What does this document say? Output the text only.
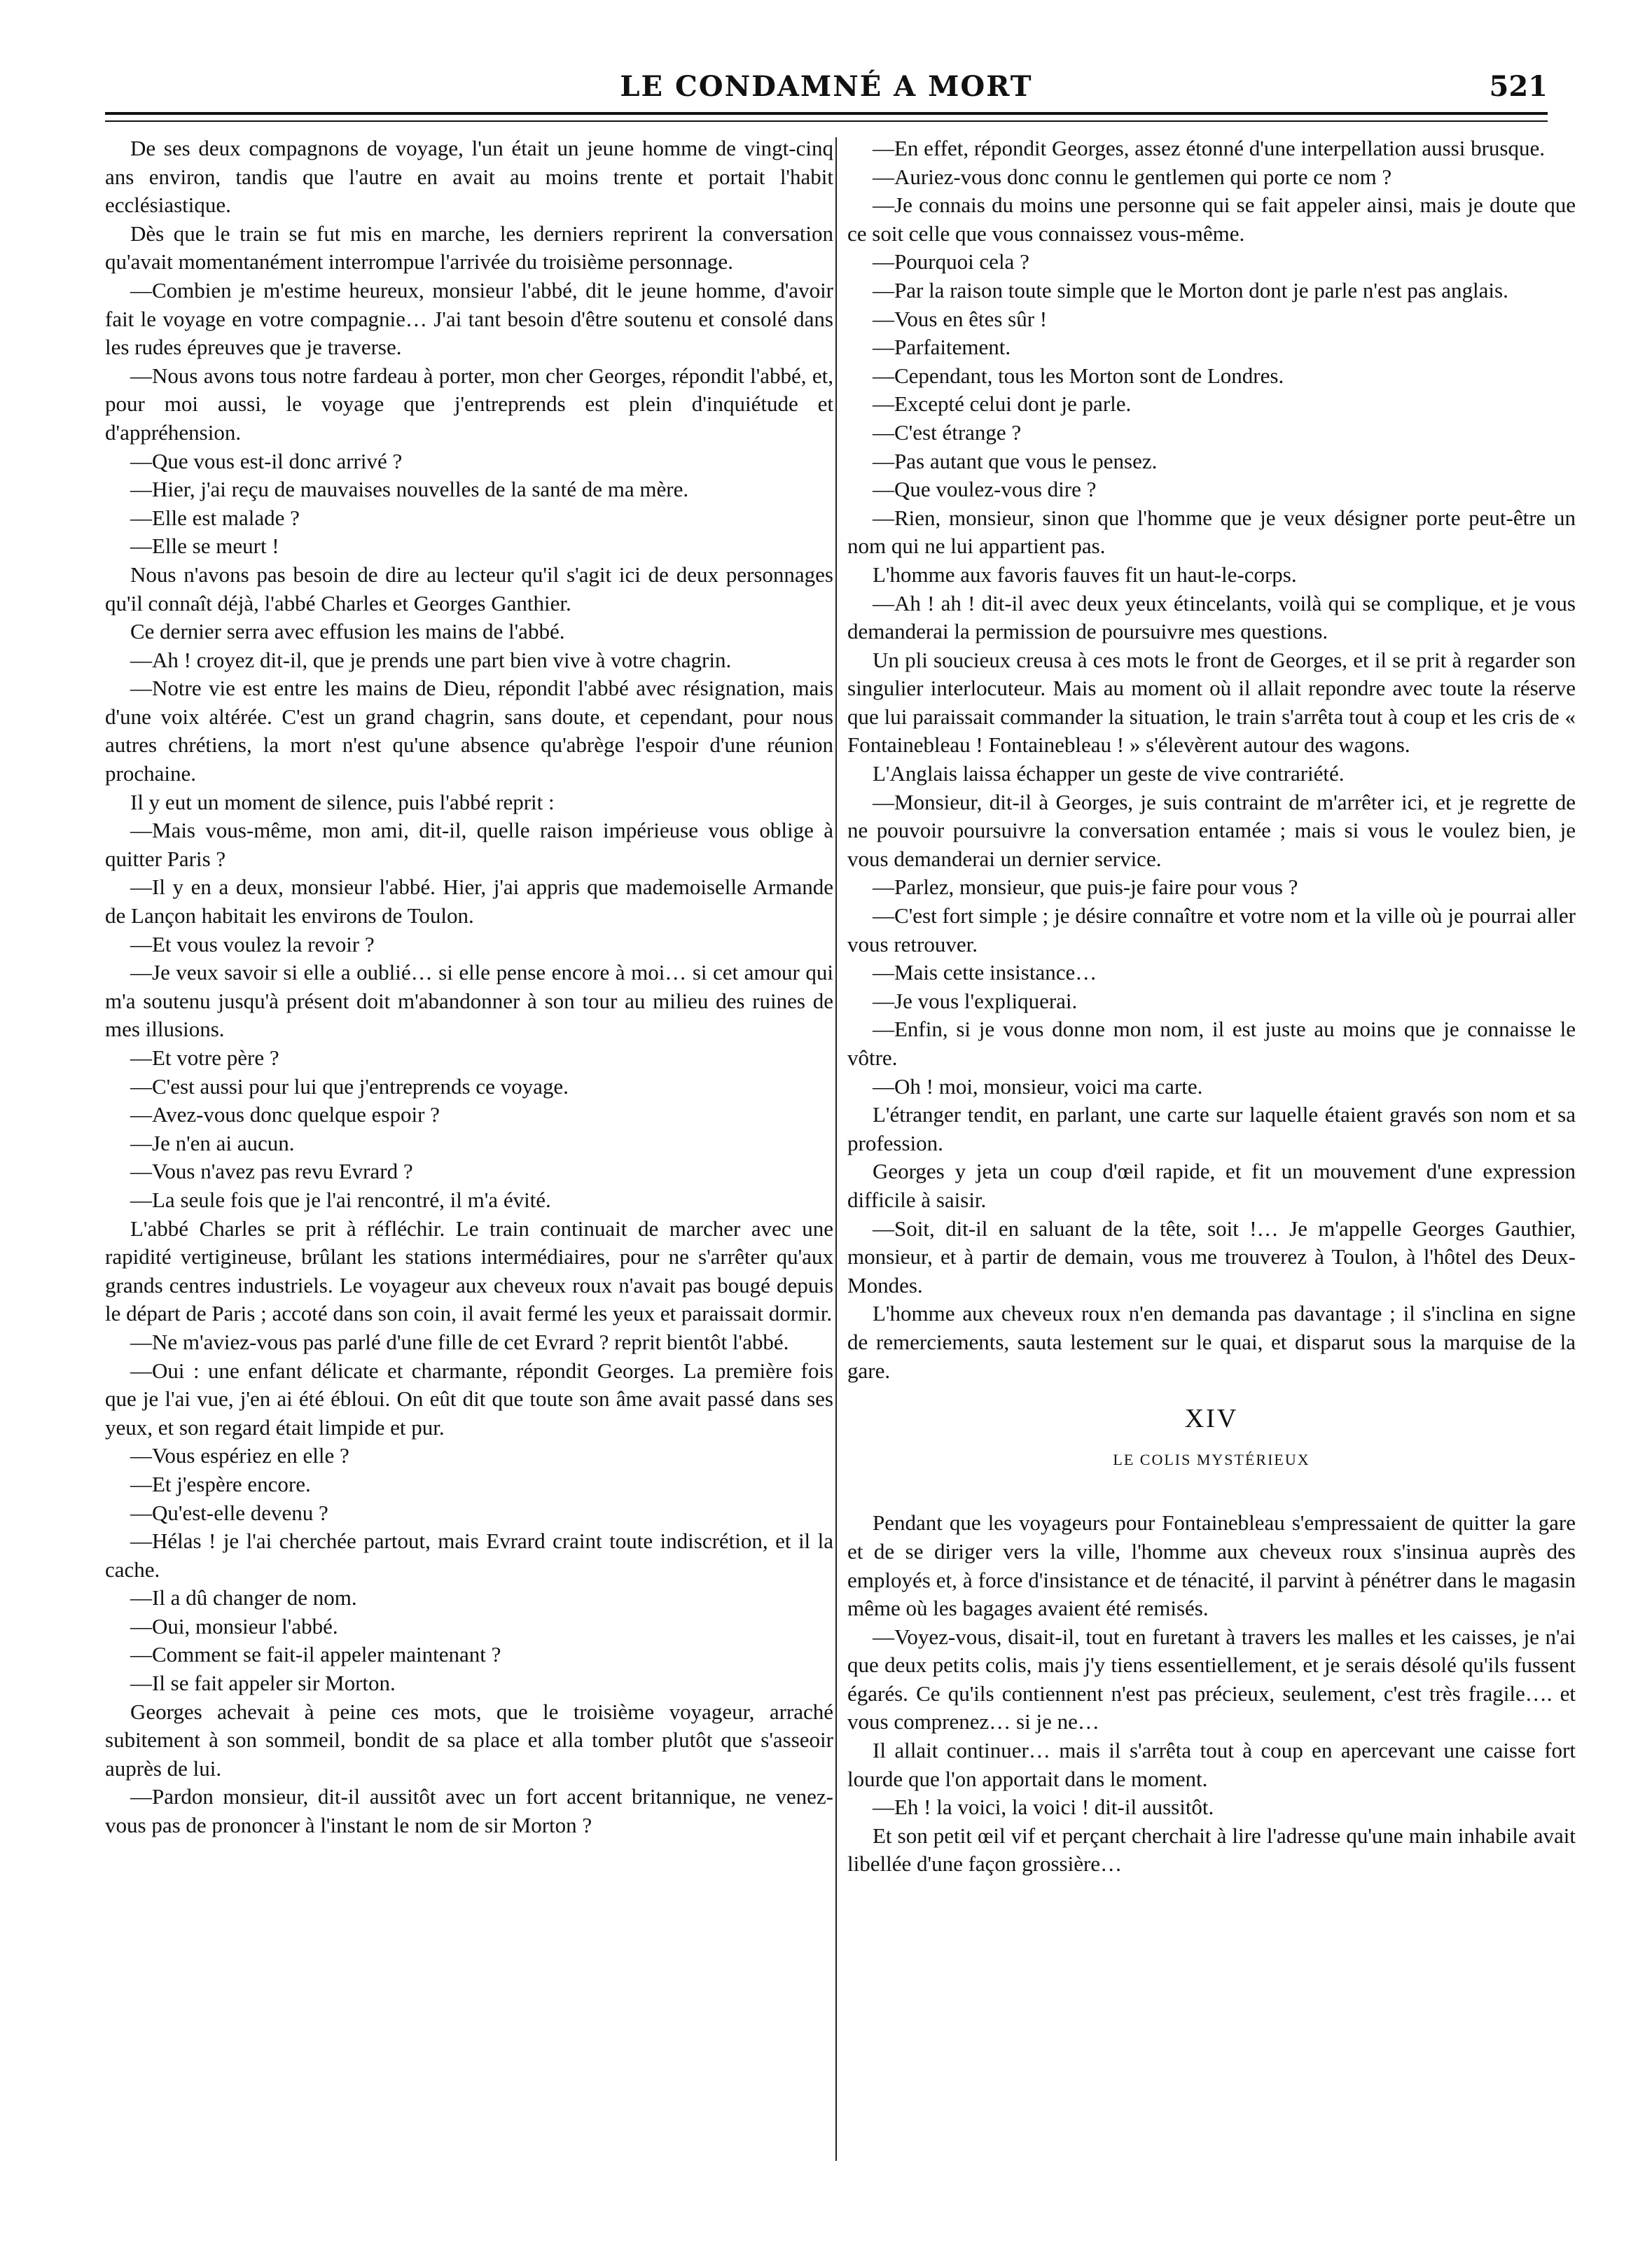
LE CONDAMNÉ A MORT	521

De ses deux compagnons de voyage, l'un était un jeune homme de vingt-cinq ans environ, tandis que l'autre en avait au moins trente et portait l'habit ecclésiastique.

Dès que le train se fut mis en marche, les derniers reprirent la conversation qu'avait momentanément interrompue l'arrivée du troisième personnage.

—Combien je m'estime heureux, monsieur l'abbé, dit le jeune homme, d'avoir fait le voyage en votre compagnie… J'ai tant besoin d'être soutenu et consolé dans les rudes épreuves que je traverse.

—Nous avons tous notre fardeau à porter, mon cher Georges, répondit l'abbé, et, pour moi aussi, le voyage que j'entreprends est plein d'inquiétude et d'appréhension.

—Que vous est-il donc arrivé ?

—Hier, j'ai reçu de mauvaises nouvelles de la santé de ma mère.

—Elle est malade ?

—Elle se meurt !

Nous n'avons pas besoin de dire au lecteur qu'il s'agit ici de deux personnages qu'il connaît déjà, l'abbé Charles et Georges Ganthier.

Ce dernier serra avec effusion les mains de l'abbé.

—Ah ! croyez dit-il, que je prends une part bien vive à votre chagrin.

—Notre vie est entre les mains de Dieu, répondit l'abbé avec résignation, mais d'une voix altérée. C'est un grand chagrin, sans doute, et cependant, pour nous autres chrétiens, la mort n'est qu'une absence qu'abrège l'espoir d'une réunion prochaine.

Il y eut un moment de silence, puis l'abbé reprit :

—Mais vous-même, mon ami, dit-il, quelle raison impérieuse vous oblige à quitter Paris ?

—Il y en a deux, monsieur l'abbé. Hier, j'ai appris que mademoiselle Armande de Lançon habitait les environs de Toulon.

—Et vous voulez la revoir ?

—Je veux savoir si elle a oublié… si elle pense encore à moi… si cet amour qui m'a soutenu jusqu'à présent doit m'abandonner à son tour au milieu des ruines de mes illusions.

—Et votre père ?

—C'est aussi pour lui que j'entreprends ce voyage.

—Avez-vous donc quelque espoir ?

—Je n'en ai aucun.

—Vous n'avez pas revu Evrard ?

—La seule fois que je l'ai rencontré, il m'a évité.

L'abbé Charles se prit à réfléchir. Le train continuait de marcher avec une rapidité vertigineuse, brûlant les stations intermédiaires, pour ne s'arrêter qu'aux grands centres industriels. Le voyageur aux cheveux roux n'avait pas bougé depuis le départ de Paris ; accoté dans son coin, il avait fermé les yeux et paraissait dormir.

—Ne m'aviez-vous pas parlé d'une fille de cet Evrard ? reprit bientôt l'abbé.

—Oui : une enfant délicate et charmante, répondit Georges. La première fois que je l'ai vue, j'en ai été ébloui. On eût dit que toute son âme avait passé dans ses yeux, et son regard était limpide et pur.

—Vous espériez en elle ?

—Et j'espère encore.

—Qu'est-elle devenu ?

—Hélas ! je l'ai cherchée partout, mais Evrard craint toute indiscrétion, et il la cache.

—Il a dû changer de nom.

—Oui, monsieur l'abbé.

—Comment se fait-il appeler maintenant ?

—Il se fait appeler sir Morton.

Georges achevait à peine ces mots, que le troisième voyageur, arraché subitement à son sommeil, bondit de sa place et alla tomber plutôt que s'asseoir auprès de lui.

—Pardon monsieur, dit-il aussitôt avec un fort accent britannique, ne venez-vous pas de prononcer à l'instant le nom de sir Morton ?

—En effet, répondit Georges, assez étonné d'une interpellation aussi brusque.

—Auriez-vous donc connu le gentlemen qui porte ce nom ?

—Je connais du moins une personne qui se fait appeler ainsi, mais je doute que ce soit celle que vous connaissez vous-même.

—Pourquoi cela ?

—Par la raison toute simple que le Morton dont je parle n'est pas anglais.

—Vous en êtes sûr !

—Parfaitement.

—Cependant, tous les Morton sont de Londres.

—Excepté celui dont je parle.

—C'est étrange ?

—Pas autant que vous le pensez.

—Que voulez-vous dire ?

—Rien, monsieur, sinon que l'homme que je veux désigner porte peut-être un nom qui ne lui appartient pas.

L'homme aux favoris fauves fit un haut-le-corps.

—Ah ! ah ! dit-il avec deux yeux étincelants, voilà qui se complique, et je vous demanderai la permission de poursuivre mes questions.

Un pli soucieux creusa à ces mots le front de Georges, et il se prit à regarder son singulier interlocuteur. Mais au moment où il allait repondre avec toute la réserve que lui paraissait commander la situation, le train s'arrêta tout à coup et les cris de « Fontainebleau ! Fontainebleau ! » s'élevèrent autour des wagons.

L'Anglais laissa échapper un geste de vive contrariété.

—Monsieur, dit-il à Georges, je suis contraint de m'arrêter ici, et je regrette de ne pouvoir poursuivre la conversation entamée ; mais si vous le voulez bien, je vous demanderai un dernier service.

—Parlez, monsieur, que puis-je faire pour vous ?

—C'est fort simple ; je désire connaître et votre nom et la ville où je pourrai aller vous retrouver.

—Mais cette insistance…

—Je vous l'expliquerai.

—Enfin, si je vous donne mon nom, il est juste au moins que je connaisse le vôtre.

—Oh ! moi, monsieur, voici ma carte.

L'étranger tendit, en parlant, une carte sur laquelle étaient gravés son nom et sa profession.

Georges y jeta un coup d'œil rapide, et fit un mouvement d'une expression difficile à saisir.

—Soit, dit-il en saluant de la tête, soit !… Je m'appelle Georges Gauthier, monsieur, et à partir de demain, vous me trouverez à Toulon, à l'hôtel des Deux-Mondes.

L'homme aux cheveux roux n'en demanda pas davantage ; il s'inclina en signe de remerciements, sauta lestement sur le quai, et disparut sous la marquise de la gare.

XIV

LE COLIS MYSTÉRIEUX

Pendant que les voyageurs pour Fontainebleau s'empressaient de quitter la gare et de se diriger vers la ville, l'homme aux cheveux roux s'insinua auprès des employés et, à force d'insistance et de ténacité, il parvint à pénétrer dans le magasin même où les bagages avaient été remisés.

—Voyez-vous, disait-il, tout en furetant à travers les malles et les caisses, je n'ai que deux petits colis, mais j'y tiens essentiellement, et je serais désolé qu'ils fussent égarés. Ce qu'ils contiennent n'est pas précieux, seulement, c'est très fragile…. et vous comprenez… si je ne…

Il allait continuer… mais il s'arrêta tout à coup en apercevant une caisse fort lourde que l'on apportait dans le moment.

—Eh ! la voici, la voici ! dit-il aussitôt.

Et son petit œil vif et perçant cherchait à lire l'adresse qu'une main inhabile avait libellée d'une façon grossière…
